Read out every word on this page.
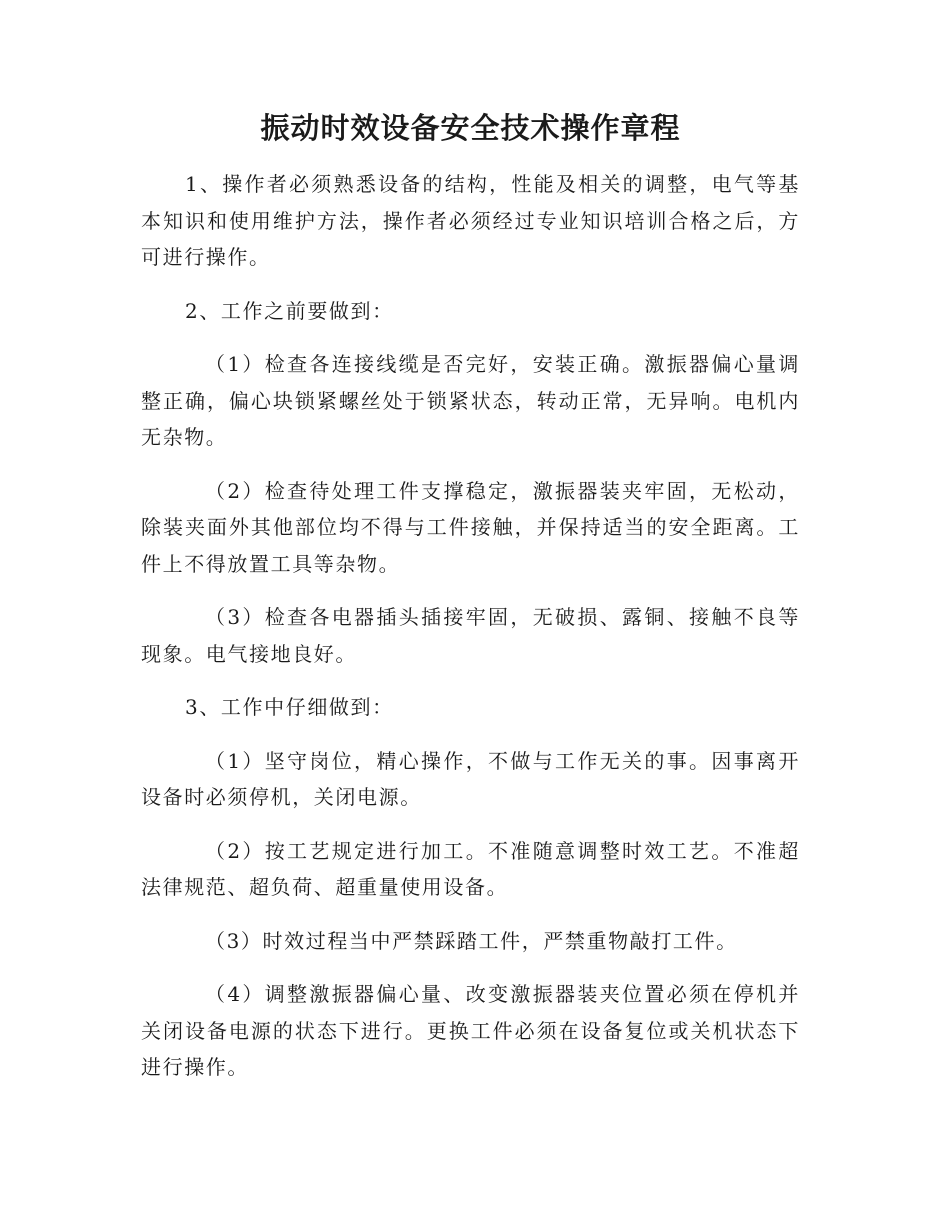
振动时效设备安全技术操作章程

1、操作者必须熟悉设备的结构，性能及相关的调整，电气等基本知识和使用维护方法，操作者必须经过专业知识培训合格之后，方可进行操作。

2、工作之前要做到：

（1）检查各连接线缆是否完好，安装正确。激振器偏心量调整正确，偏心块锁紧螺丝处于锁紧状态，转动正常，无异响。电机内无杂物。

（2）检查待处理工件支撑稳定，激振器装夹牢固，无松动，除装夹面外其他部位均不得与工件接触，并保持适当的安全距离。工件上不得放置工具等杂物。

（3）检查各电器插头插接牢固，无破损、露铜、接触不良等现象。电气接地良好。

3、工作中仔细做到：

（1）坚守岗位，精心操作，不做与工作无关的事。因事离开设备时必须停机，关闭电源。

（2）按工艺规定进行加工。不准随意调整时效工艺。不准超法律规范、超负荷、超重量使用设备。

（3）时效过程当中严禁踩踏工件，严禁重物敲打工件。

（4）调整激振器偏心量、改变激振器装夹位置必须在停机并关闭设备电源的状态下进行。更换工件必须在设备复位或关机状态下进行操作。
